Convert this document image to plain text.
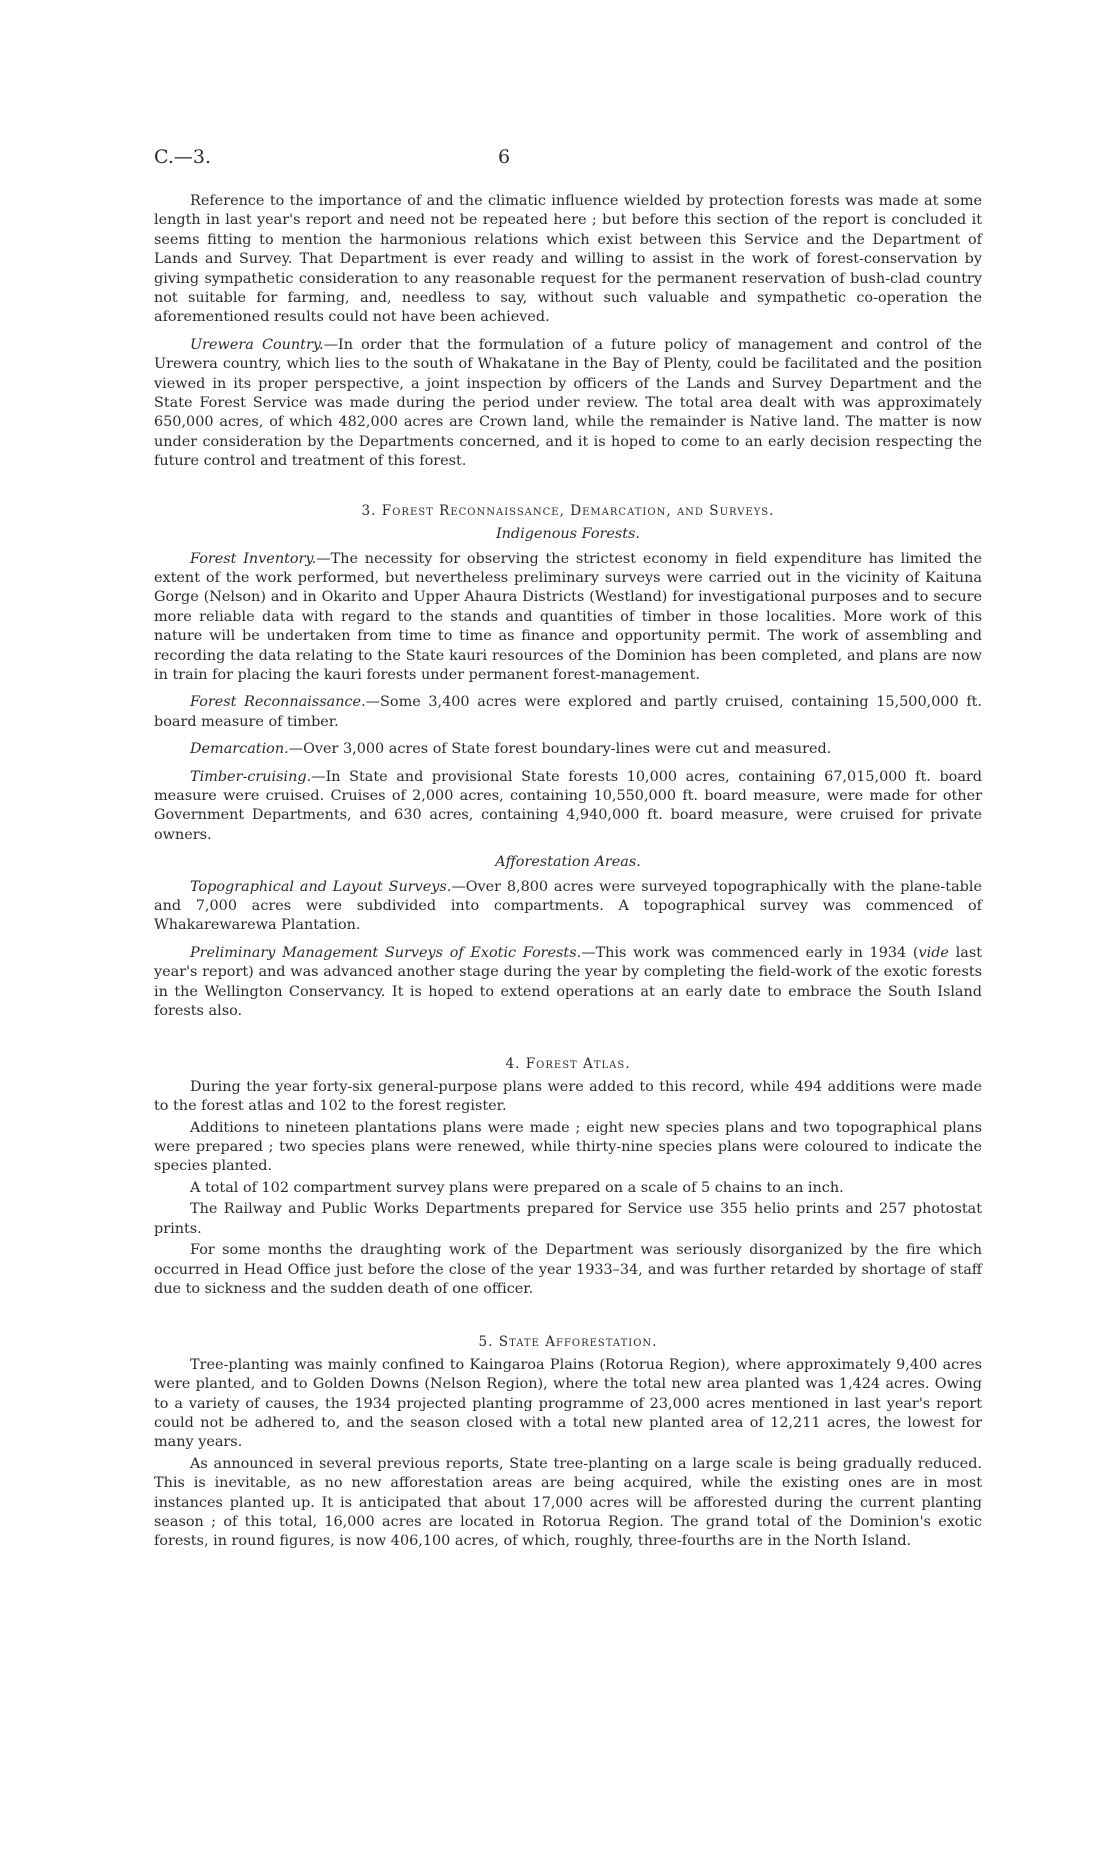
C.—3.	6

Reference to the importance of and the climatic influence wielded by protection forests was made at some length in last year's report and need not be repeated here ; but before this section of the report is concluded it seems fitting to mention the harmonious relations which exist between this Service and the Department of Lands and Survey. That Department is ever ready and willing to assist in the work of forest-conservation by giving sympathetic consideration to any reasonable request for the permanent reservation of bush-clad country not suitable for farming, and, needless to say, without such valuable and sympathetic co-operation the aforementioned results could not have been achieved.

Urewera Country.—In order that the formulation of a future policy of management and control of the Urewera country, which lies to the south of Whakatane in the Bay of Plenty, could be facilitated and the position viewed in its proper perspective, a joint inspection by officers of the Lands and Survey Department and the State Forest Service was made during the period under review. The total area dealt with was approximately 650,000 acres, of which 482,000 acres are Crown land, while the remainder is Native land. The matter is now under consideration by the Departments concerned, and it is hoped to come to an early decision respecting the future control and treatment of this forest.

3. Forest Reconnaissance, Demarcation, and Surveys.
Indigenous Forests.

Forest Inventory.—The necessity for observing the strictest economy in field expenditure has limited the extent of the work performed, but nevertheless preliminary surveys were carried out in the vicinity of Kaituna Gorge (Nelson) and in Okarito and Upper Ahaura Districts (Westland) for investigational purposes and to secure more reliable data with regard to the stands and quantities of timber in those localities. More work of this nature will be undertaken from time to time as finance and opportunity permit. The work of assembling and recording the data relating to the State kauri resources of the Dominion has been completed, and plans are now in train for placing the kauri forests under permanent forest-management.

Forest Reconnaissance.—Some 3,400 acres were explored and partly cruised, containing 15,500,000 ft. board measure of timber.

Demarcation.—Over 3,000 acres of State forest boundary-lines were cut and measured.

Timber-cruising.—In State and provisional State forests 10,000 acres, containing 67,015,000 ft. board measure were cruised. Cruises of 2,000 acres, containing 10,550,000 ft. board measure, were made for other Government Departments, and 630 acres, containing 4,940,000 ft. board measure, were cruised for private owners.

Afforestation Areas.

Topographical and Layout Surveys.—Over 8,800 acres were surveyed topographically with the plane-table and 7,000 acres were subdivided into compartments. A topographical survey was commenced of Whakarewarewa Plantation.

Preliminary Management Surveys of Exotic Forests.—This work was commenced early in 1934 (vide last year's report) and was advanced another stage during the year by completing the field-work of the exotic forests in the Wellington Conservancy. It is hoped to extend operations at an early date to embrace the South Island forests also.

4. Forest Atlas.

During the year forty-six general-purpose plans were added to this record, while 494 additions were made to the forest atlas and 102 to the forest register.

Additions to nineteen plantations plans were made ; eight new species plans and two topographical plans were prepared ; two species plans were renewed, while thirty-nine species plans were coloured to indicate the species planted.

A total of 102 compartment survey plans were prepared on a scale of 5 chains to an inch.

The Railway and Public Works Departments prepared for Service use 355 helio prints and 257 photostat prints.

For some months the draughting work of the Department was seriously disorganized by the fire which occurred in Head Office just before the close of the year 1933–34, and was further retarded by shortage of staff due to sickness and the sudden death of one officer.

5. State Afforestation.

Tree-planting was mainly confined to Kaingaroa Plains (Rotorua Region), where approximately 9,400 acres were planted, and to Golden Downs (Nelson Region), where the total new area planted was 1,424 acres. Owing to a variety of causes, the 1934 projected planting programme of 23,000 acres mentioned in last year's report could not be adhered to, and the season closed with a total new planted area of 12,211 acres, the lowest for many years.

As announced in several previous reports, State tree-planting on a large scale is being gradually reduced. This is inevitable, as no new afforestation areas are being acquired, while the existing ones are in most instances planted up. It is anticipated that about 17,000 acres will be afforested during the current planting season ; of this total, 16,000 acres are located in Rotorua Region. The grand total of the Dominion's exotic forests, in round figures, is now 406,100 acres, of which, roughly, three-fourths are in the North Island.
